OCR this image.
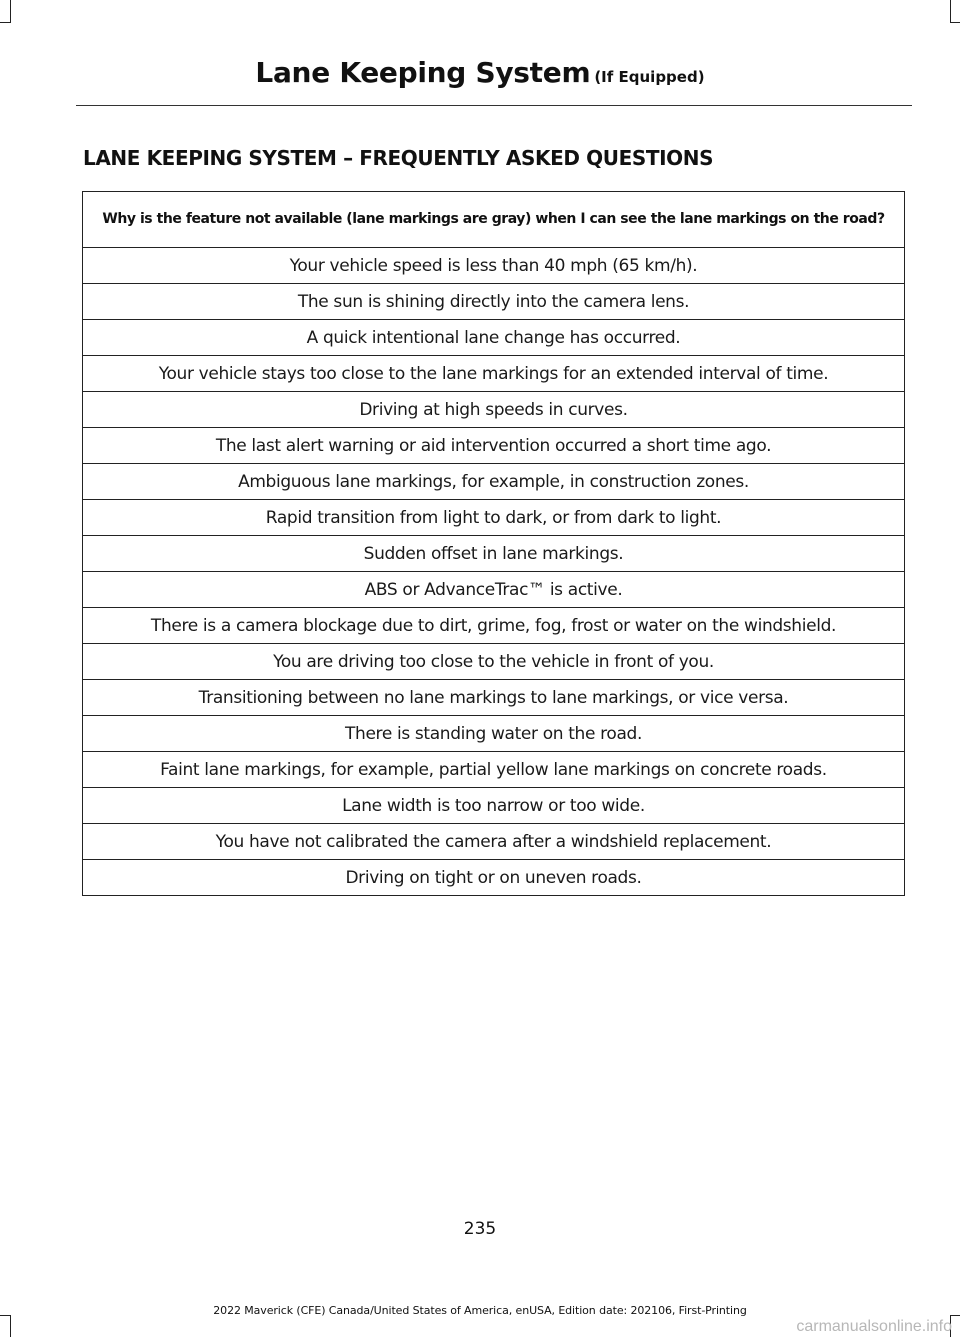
Lane Keeping System (If Equipped)
LANE KEEPING SYSTEM – FREQUENTLY ASKED QUESTIONS
Why is the feature not available (lane markings are gray) when I can see the lane markings on the road?
Your vehicle speed is less than 40 mph (65 km/h).
The sun is shining directly into the camera lens.
A quick intentional lane change has occurred.
Your vehicle stays too close to the lane markings for an extended interval of time.
Driving at high speeds in curves.
The last alert warning or aid intervention occurred a short time ago.
Ambiguous lane markings, for example, in construction zones.
Rapid transition from light to dark, or from dark to light.
Sudden offset in lane markings.
ABS or AdvanceTrac™ is active.
There is a camera blockage due to dirt, grime, fog, frost or water on the windshield.
You are driving too close to the vehicle in front of you.
Transitioning between no lane markings to lane markings, or vice versa.
There is standing water on the road.
Faint lane markings, for example, partial yellow lane markings on concrete roads.
Lane width is too narrow or too wide.
You have not calibrated the camera after a windshield replacement.
Driving on tight or on uneven roads.
235
2022 Maverick (CFE) Canada/United States of America, enUSA, Edition date: 202106, First-Printing
carmanualsonline.info
